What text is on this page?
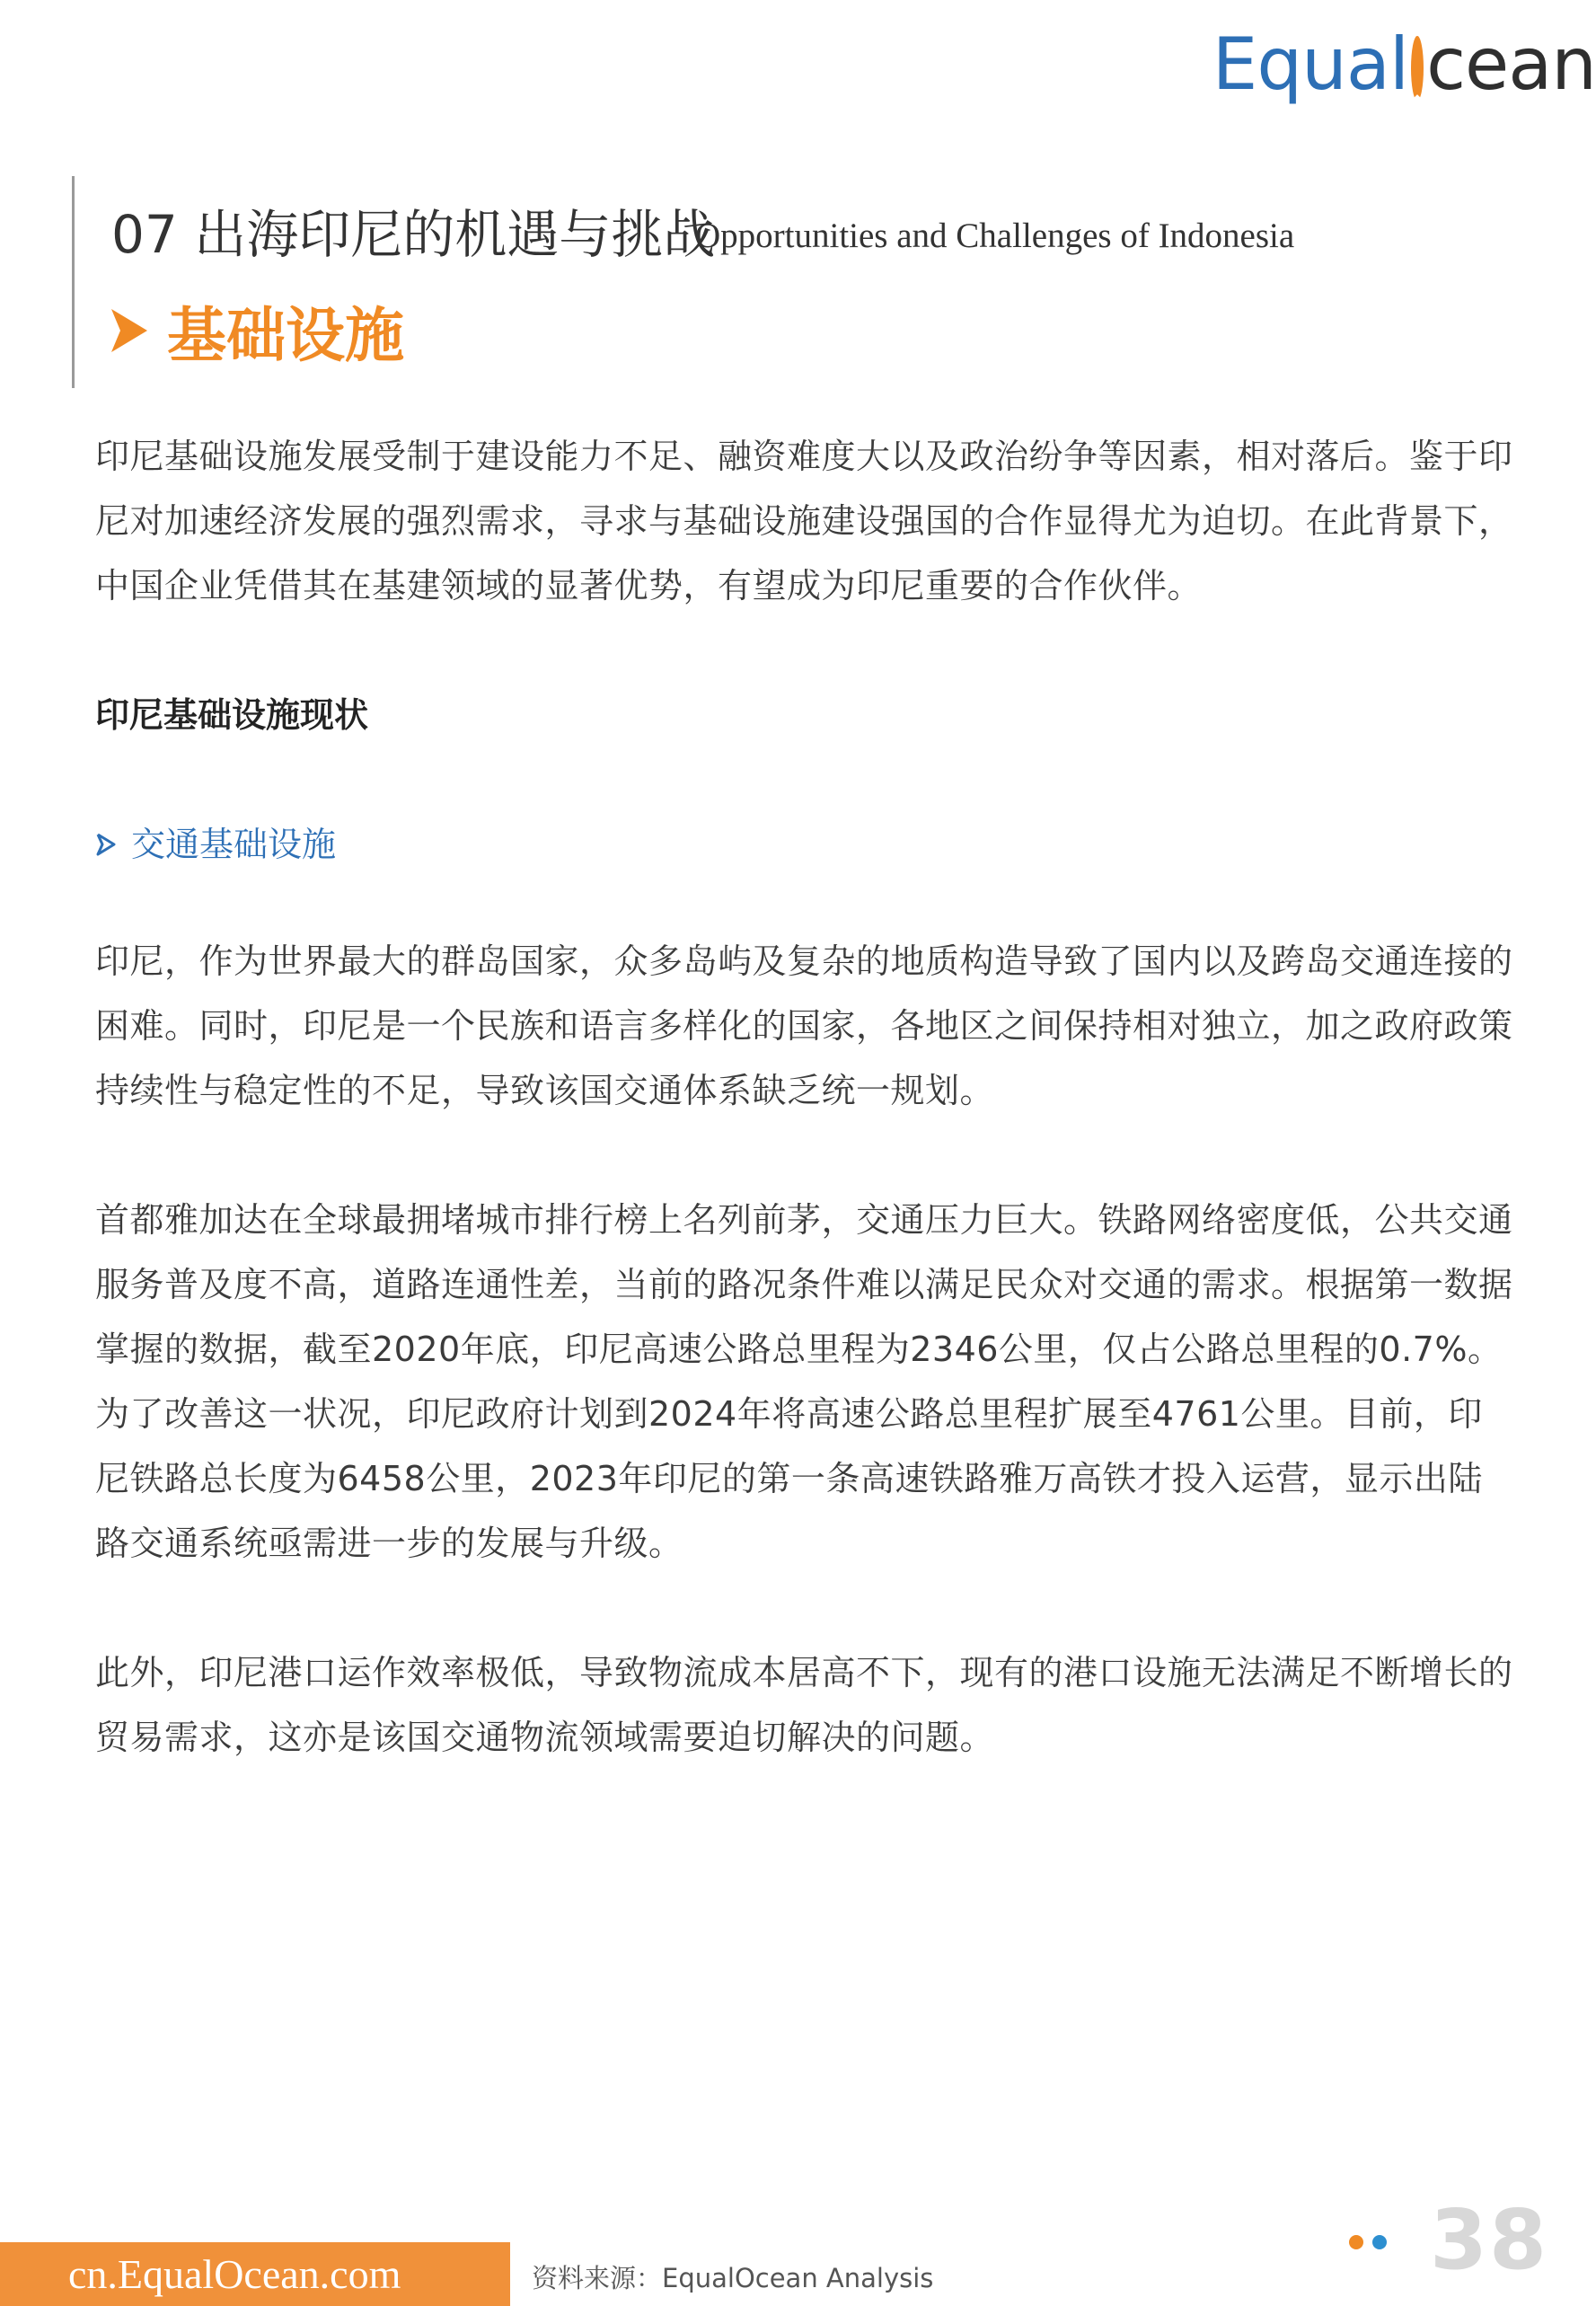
Equal cean
07 出海印尼的机遇与挑战
Opportunities and Challenges of Indonesia
基础设施

印尼基础设施发展受制于建设能力不足、融资难度大以及政治纷争等因素，相对落后。鉴于印尼对加速经济发展的强烈需求，寻求与基础设施建设强国的合作显得尤为迫切。在此背景下，中国企业凭借其在基建领域的显著优势，有望成为印尼重要的合作伙伴。

印尼基础设施现状

交通基础设施

印尼，作为世界最大的群岛国家，众多岛屿及复杂的地质构造导致了国内以及跨岛交通连接的困难。同时，印尼是一个民族和语言多样化的国家，各地区之间保持相对独立，加之政府政策持续性与稳定性的不足，导致该国交通体系缺乏统一规划。

首都雅加达在全球最拥堵城市排行榜上名列前茅，交通压力巨大。铁路网络密度低，公共交通服务普及度不高，道路连通性差，当前的路况条件难以满足民众对交通的需求。根据第一数据掌握的数据，截至2020年底，印尼高速公路总里程为2346公里，仅占公路总里程的0.7%。为了改善这一状况，印尼政府计划到2024年将高速公路总里程扩展至4761公里。目前，印尼铁路总长度为6458公里，2023年印尼的第一条高速铁路雅万高铁才投入运营，显示出陆路交通系统亟需进一步的发展与升级。

此外，印尼港口运作效率极低，导致物流成本居高不下，现有的港口设施无法满足不断增长的贸易需求，这亦是该国交通物流领域需要迫切解决的问题。

cn.EqualOcean.com	资料来源：EqualOcean Analysis	38
